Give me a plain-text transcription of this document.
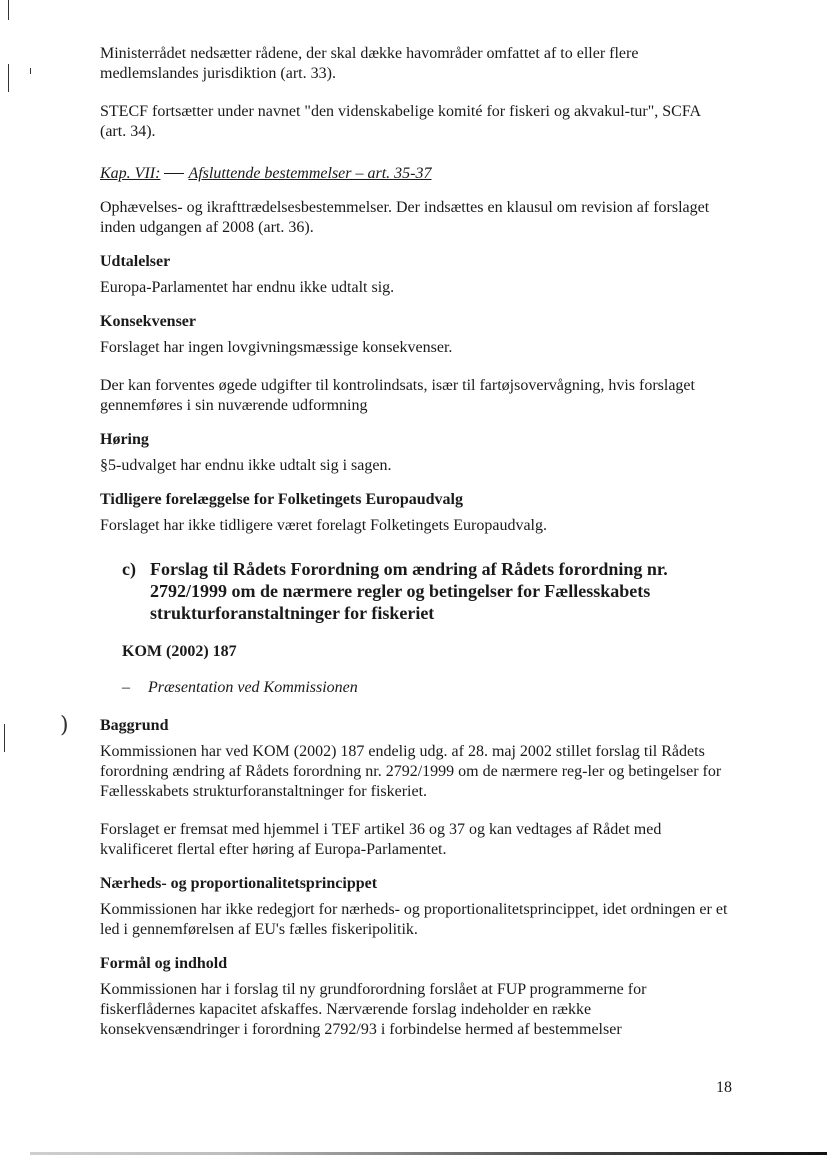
)

Ministerrådet nedsætter rådene, der skal dække havområder omfattet af to eller flere medlemslandes jurisdiktion (art. 33).

STECF fortsætter under navnet "den videnskabelige komité for fiskeri og akvakul-tur", SCFA (art. 34).

Kap. VII: Afsluttende bestemmelser – art. 35-37

Ophævelses- og ikrafttrædelsesbestemmelser. Der indsættes en klausul om revision af forslaget inden udgangen af 2008 (art. 36).

Udtalelser

Europa-Parlamentet har endnu ikke udtalt sig.

Konsekvenser

Forslaget har ingen lovgivningsmæssige konsekvenser.

Der kan forventes øgede udgifter til kontrolindsats, især til fartøjsovervågning, hvis forslaget gennemføres i sin nuværende udformning

Høring

§5-udvalget har endnu ikke udtalt sig i sagen.

Tidligere forelæggelse for Folketingets Europaudvalg

Forslaget har ikke tidligere været forelagt Folketingets Europaudvalg.

c) Forslag til Rådets Forordning om ændring af Rådets forordning nr. 2792/1999 om de nærmere regler og betingelser for Fællesskabets strukturforanstaltninger for fiskeriet
KOM (2002) 187
–	Præsentation ved Kommissionen
Baggrund

Kommissionen har ved KOM (2002) 187 endelig udg. af 28. maj 2002 stillet forslag til Rådets forordning ændring af Rådets forordning nr. 2792/1999 om de nærmere reg-ler og betingelser for Fællesskabets strukturforanstaltninger for fiskeriet.

Forslaget er fremsat med hjemmel i TEF artikel 36 og 37 og kan vedtages af Rådet med kvalificeret flertal efter høring af Europa-Parlamentet.

Nærheds- og proportionalitetsprincippet

Kommissionen har ikke redegjort for nærheds- og proportionalitetsprincippet, idet ordningen er et led i gennemførelsen af EU's fælles fiskeripolitik.

Formål og indhold

Kommissionen har i forslag til ny grundforordning forslået at FUP programmerne for fiskerflådernes kapacitet afskaffes. Nærværende forslag indeholder en række konsekvensændringer i forordning 2792/93 i forbindelse hermed af bestemmelser

18
